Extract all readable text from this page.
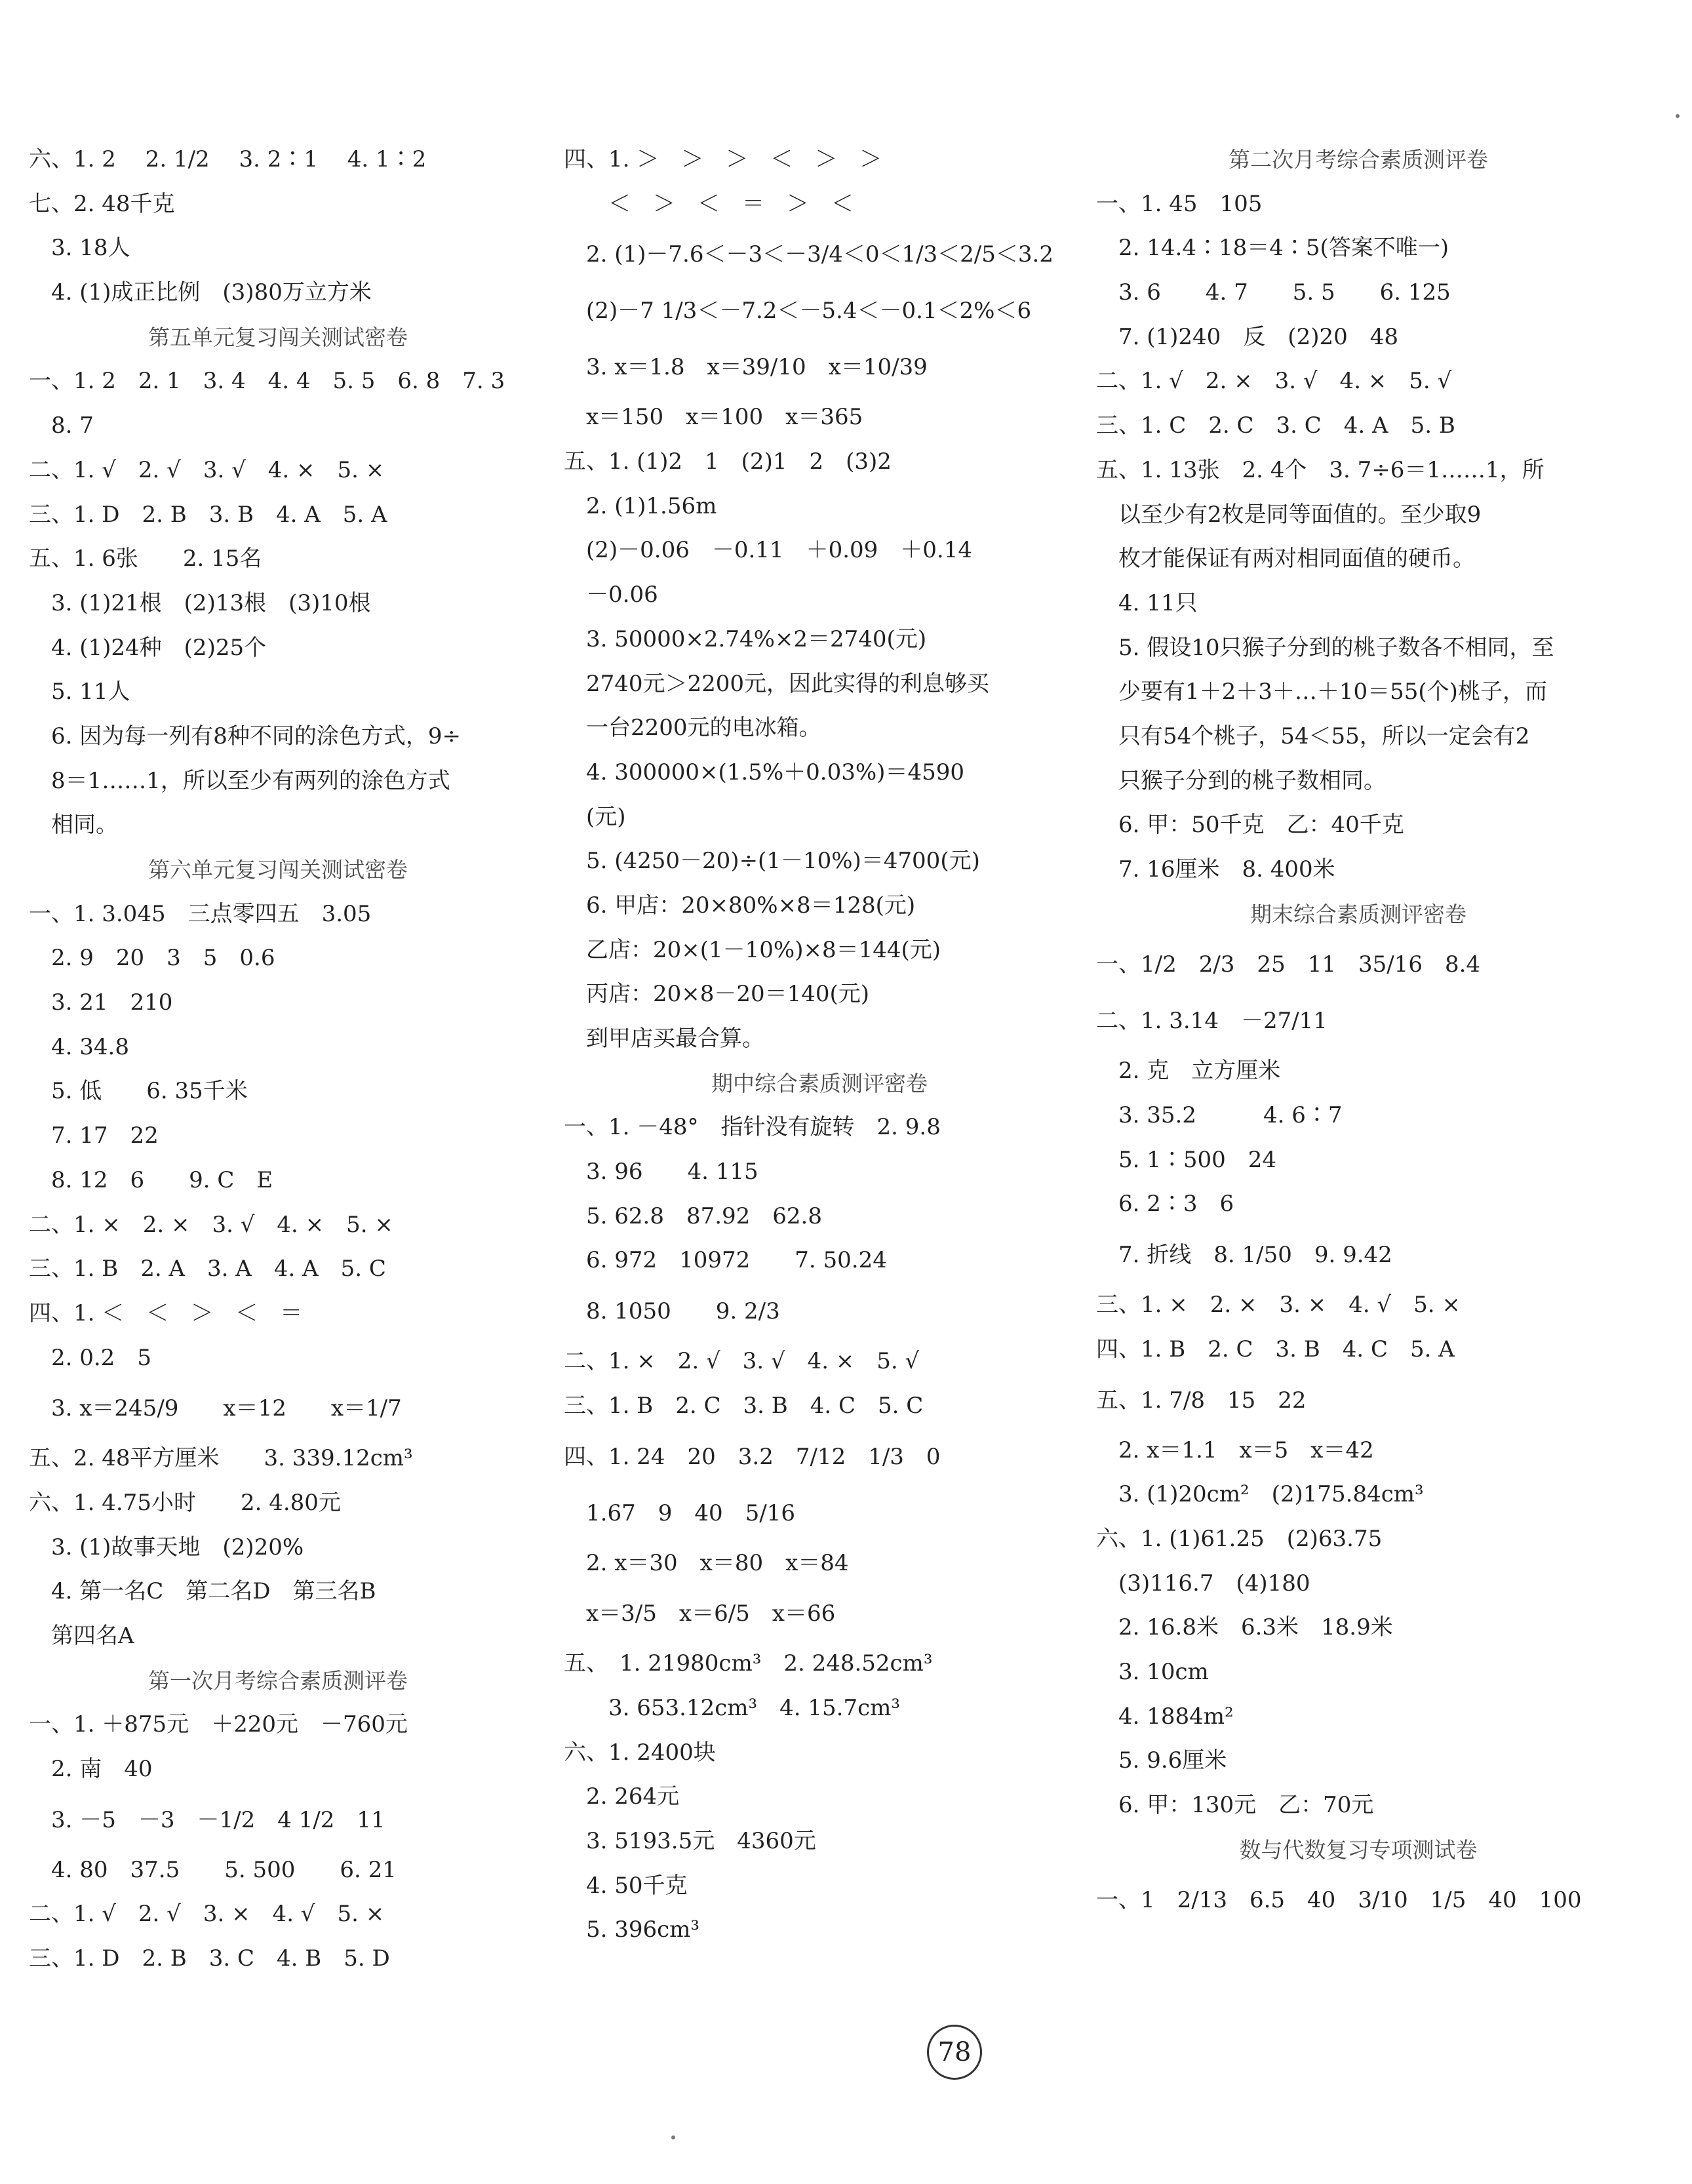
六、1. 2　 2. 1/2　 3. 2∶1　 4. 1∶2
七、2. 48千克
　3. 18人
　4. (1)成正比例　(3)80万立方米
第五单元复习闯关测试密卷
一、1. 2　2. 1　3. 4　4. 4　5. 5　6. 8　7. 3
　8. 7
二、1. √　2. √　3. √　4. ×　5. ×
三、1. D　2. B　3. B　4. A　5. A
五、1. 6张　　2. 15名
　3. (1)21根　(2)13根　(3)10根
　4. (1)24种　(2)25个
　5. 11人
　6. 因为每一列有8种不同的涂色方式，9÷
　8＝1……1，所以至少有两列的涂色方式
　相同。
第六单元复习闯关测试密卷
一、1. 3.045　三点零四五　3.05
　2. 9　20　3　5　0.6
　3. 21　210
　4. 34.8
　5. 低　　6. 35千米
　7. 17　22
　8. 12　6　　9. C　E
二、1. ×　2. ×　3. √　4. ×　5. ×
三、1. B　2. A　3. A　4. A　5. C
四、1. ＜　＜　＞　＜　＝
　2. 0.2　5
　3. x＝245/9　　x＝12　　x＝1/7
五、2. 48平方厘米　　3. 339.12cm³
六、1. 4.75小时　　2. 4.80元
　3. (1)故事天地　(2)20%
　4. 第一名C　第二名D　第三名B
　第四名A
第一次月考综合素质测评卷
一、1. ＋875元　＋220元　－760元
　2. 南　40
　3. －5　－3　－1/2　4 1/2　11
　4. 80　37.5　　5. 500　　6. 21
二、1. √　2. √　3. ×　4. √　5. ×
三、1. D　2. B　3. C　4. B　5. D
四、1. ＞　＞　＞　＜　＞　＞
　　＜　＞　＜　＝　＞　＜
　2. (1)－7.6＜－3＜－3/4＜0＜1/3＜2/5＜3.2
　(2)－7 1/3＜－7.2＜－5.4＜－0.1＜2%＜6
　3. x＝1.8　x＝39/10　x＝10/39
　x＝150　x＝100　x＝365
五、1. (1)2　1　(2)1　2　(3)2
　2. (1)1.56m
　(2)－0.06　－0.11　＋0.09　＋0.14
　－0.06
　3. 50000×2.74%×2＝2740(元)
　2740元＞2200元，因此实得的利息够买
　一台2200元的电冰箱。
　4. 300000×(1.5%＋0.03%)＝4590
　(元)
　5. (4250－20)÷(1－10%)＝4700(元)
　6. 甲店：20×80%×8＝128(元)
　乙店：20×(1－10%)×8＝144(元)
　丙店：20×8－20＝140(元)
　到甲店买最合算。
期中综合素质测评密卷
一、1. －48°　指针没有旋转　2. 9.8
　3. 96　　4. 115
　5. 62.8　87.92　62.8
　6. 972　10972　　7. 50.24
　8. 1050　　9. 2/3
二、1. ×　2. √　3. √　4. ×　5. √
三、1. B　2. C　3. B　4. C　5. C
四、1. 24　20　3.2　7/12　1/3　0
　1.67　9　40　5/16
　2. x＝30　x＝80　x＝84
　x＝3/5　x＝6/5　x＝66
五、　1. 21980cm³　2. 248.52cm³
　　3. 653.12cm³　4. 15.7cm³
六、1. 2400块
　2. 264元
　3. 5193.5元　4360元
　4. 50千克
　5. 396cm³
第二次月考综合素质测评卷
一、1. 45　105
　2. 14.4∶18＝4∶5(答案不唯一)
　3. 6　　4. 7　　5. 5　　6. 125
　7. (1)240　反　(2)20　48
二、1. √　2. ×　3. √　4. ×　5. √
三、1. C　2. C　3. C　4. A　5. B
五、1. 13张　2. 4个　3. 7÷6＝1……1，所
　以至少有2枚是同等面值的。至少取9
　枚才能保证有两对相同面值的硬币。
　4. 11只
　5. 假设10只猴子分到的桃子数各不相同，至
　少要有1＋2＋3＋…＋10＝55(个)桃子，而
　只有54个桃子，54＜55，所以一定会有2
　只猴子分到的桃子数相同。
　6. 甲：50千克　乙：40千克
　7. 16厘米　8. 400米
期末综合素质测评密卷
一、1/2　2/3　25　11　35/16　8.4
二、1. 3.14　－27/11
　2. 克　立方厘米
　3. 35.2　　　4. 6∶7
　5. 1∶500　24
　6. 2∶3　6
　7. 折线　8. 1/50　9. 9.42
三、1. ×　2. ×　3. ×　4. √　5. ×
四、1. B　2. C　3. B　4. C　5. A
五、1. 7/8　15　22
　2. x＝1.1　x＝5　x＝42
　3. (1)20cm²　(2)175.84cm³
六、1. (1)61.25　(2)63.75
　(3)116.7　(4)180
　2. 16.8米　6.3米　18.9米
　3. 10cm
　4. 1884m²
　5. 9.6厘米
　6. 甲：130元　乙：70元
数与代数复习专项测试卷
一、1　2/13　6.5　40　3/10　1/5　40　100
78
